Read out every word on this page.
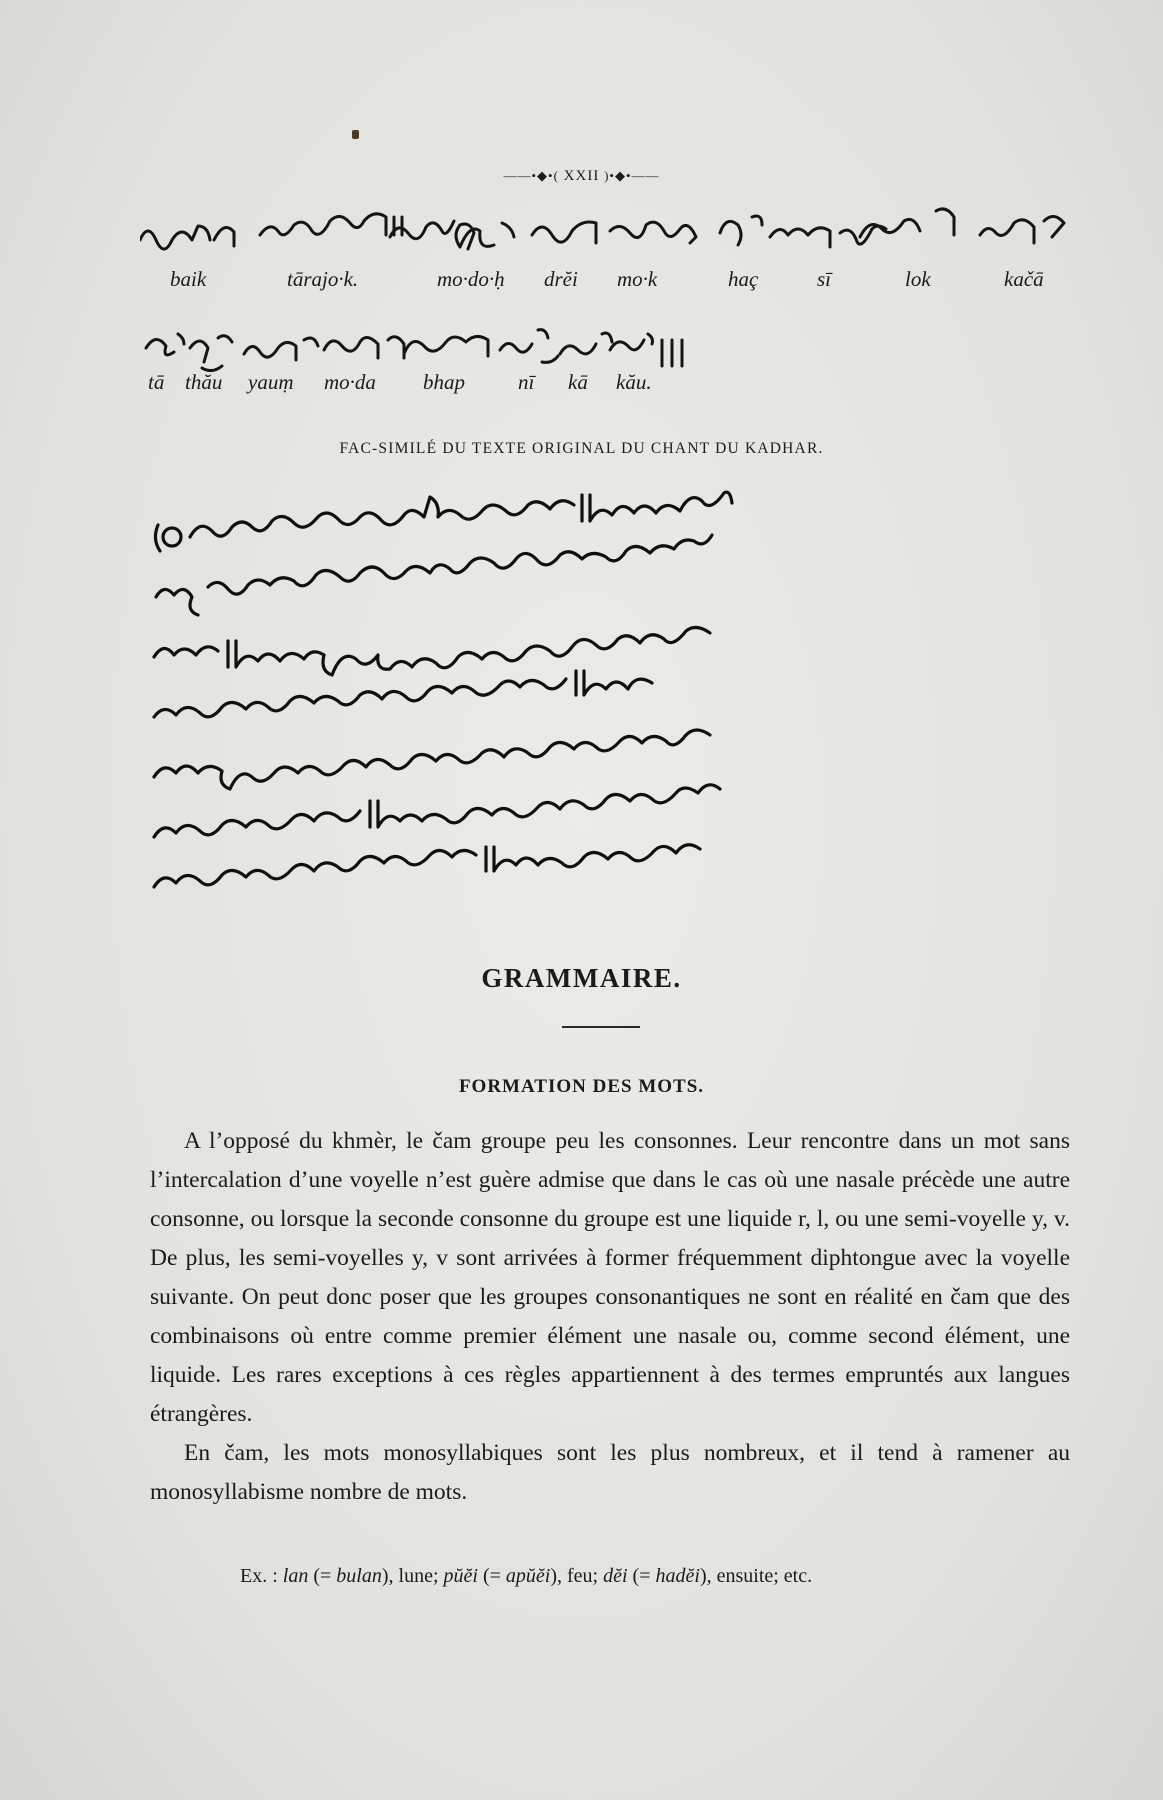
——•◆•( XXII )•◆•——
baik	tārajo·k.	mo·do·ḥ drĕi mo·k	haç	sī	lok	kačā
tā thău yauṃ mo·da bhap	nī kā kău.
FAC-SIMILÉ DU TEXTE ORIGINAL DU CHANT DU KADHAR.
GRAMMAIRE.
FORMATION DES MOTS.

A l’opposé du khmèr, le čam groupe peu les consonnes. Leur rencontre dans un mot sans l’intercalation d’une voyelle n’est guère admise que dans le cas où une nasale précède une autre consonne, ou lorsque la seconde consonne du groupe est une liquide r, l, ou une semi-voyelle y, v. De plus, les semi-voyelles y, v sont arrivées à former fréquemment diphtongue avec la voyelle suivante. On peut donc poser que les groupes consonantiques ne sont en réalité en čam que des combinaisons où entre comme premier élément une nasale ou, comme second élément, une liquide. Les rares exceptions à ces règles appartiennent à des termes empruntés aux langues étrangères.

En čam, les mots monosyllabiques sont les plus nombreux, et il tend à ramener au monosyllabisme nombre de mots.

Ex. : lan (= bulan), lune; pŭĕi (= apŭĕi), feu; dĕi (= hadĕi), ensuite; etc.
